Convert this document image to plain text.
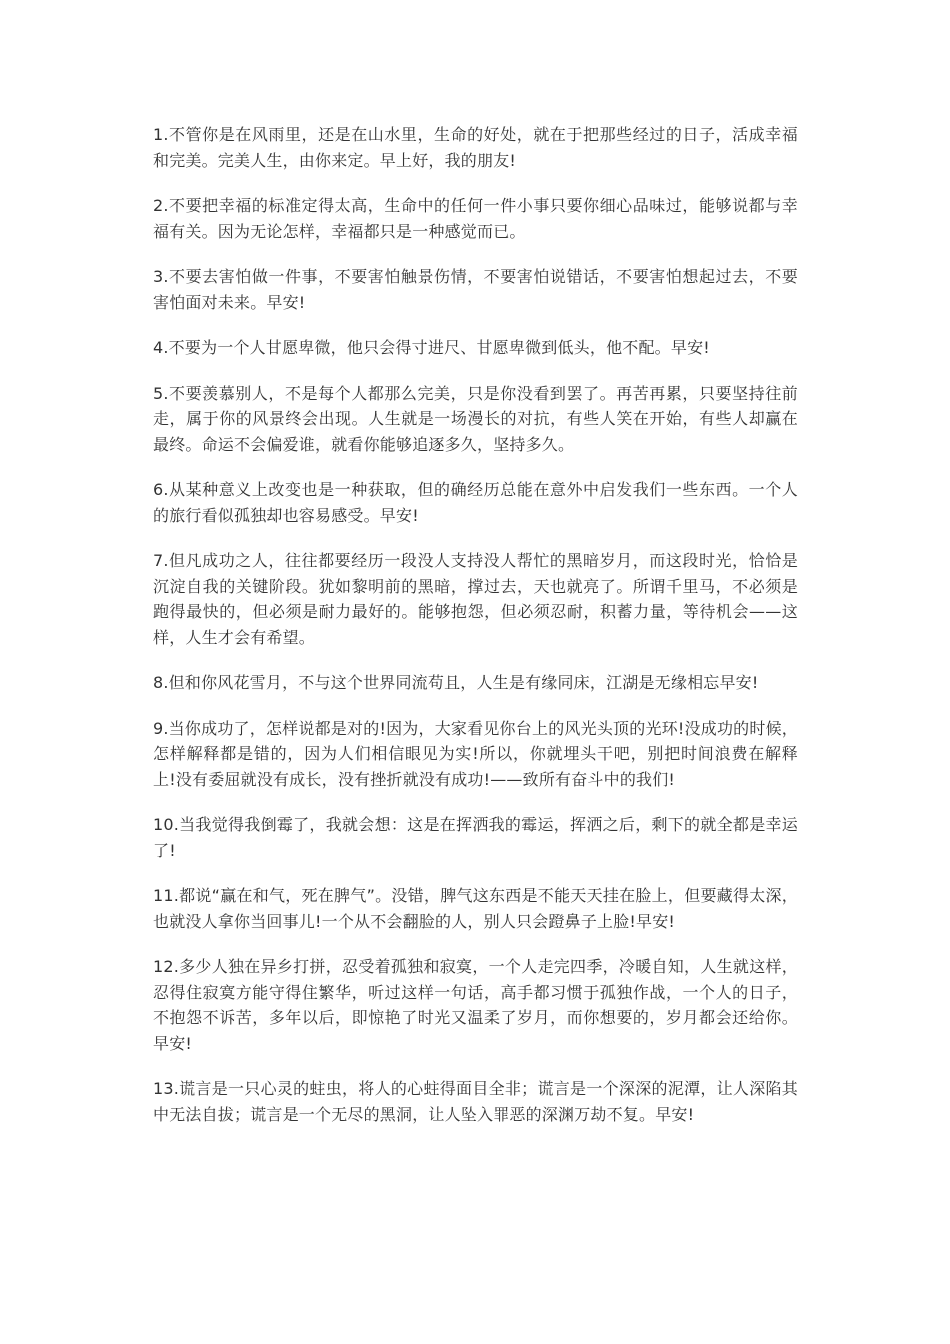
1.不管你是在风雨里，还是在山水里，生命的好处，就在于把那些经过的日子，活成幸福和完美。完美人生，由你来定。早上好，我的朋友!

2.不要把幸福的标准定得太高，生命中的任何一件小事只要你细心品味过，能够说都与幸福有关。因为无论怎样，幸福都只是一种感觉而已。

3.不要去害怕做一件事，不要害怕触景伤情，不要害怕说错话，不要害怕想起过去，不要害怕面对未来。早安!

4.不要为一个人甘愿卑微，他只会得寸进尺、甘愿卑微到低头，他不配。早安!

5.不要羡慕别人，不是每个人都那么完美，只是你没看到罢了。再苦再累，只要坚持往前走，属于你的风景终会出现。人生就是一场漫长的对抗，有些人笑在开始，有些人却赢在最终。命运不会偏爱谁，就看你能够追逐多久，坚持多久。

6.从某种意义上改变也是一种获取，但的确经历总能在意外中启发我们一些东西。一个人的旅行看似孤独却也容易感受。早安!

7.但凡成功之人，往往都要经历一段没人支持没人帮忙的黑暗岁月，而这段时光，恰恰是沉淀自我的关键阶段。犹如黎明前的黑暗，撑过去，天也就亮了。所谓千里马，不必须是跑得最快的，但必须是耐力最好的。能够抱怨，但必须忍耐，积蓄力量，等待机会——这样，人生才会有希望。

8.但和你风花雪月，不与这个世界同流苟且，人生是有缘同床，江湖是无缘相忘早安!

9.当你成功了，怎样说都是对的!因为，大家看见你台上的风光头顶的光环!没成功的时候，怎样解释都是错的，因为人们相信眼见为实!所以，你就埋头干吧，别把时间浪费在解释上!没有委屈就没有成长，没有挫折就没有成功!——致所有奋斗中的我们!

10.当我觉得我倒霉了，我就会想：这是在挥洒我的霉运，挥洒之后，剩下的就全都是幸运了!

11.都说“赢在和气，死在脾气”。没错，脾气这东西是不能天天挂在脸上，但要藏得太深，也就没人拿你当回事儿!一个从不会翻脸的人，别人只会蹬鼻子上脸!早安!

12.多少人独在异乡打拼，忍受着孤独和寂寞，一个人走完四季，冷暖自知，人生就这样，忍得住寂寞方能守得住繁华，听过这样一句话，高手都习惯于孤独作战，一个人的日子，不抱怨不诉苦，多年以后，即惊艳了时光又温柔了岁月，而你想要的，岁月都会还给你。早安!

13.谎言是一只心灵的蛀虫，将人的心蛀得面目全非；谎言是一个深深的泥潭，让人深陷其中无法自拔；谎言是一个无尽的黑洞，让人坠入罪恶的深渊万劫不复。早安!
